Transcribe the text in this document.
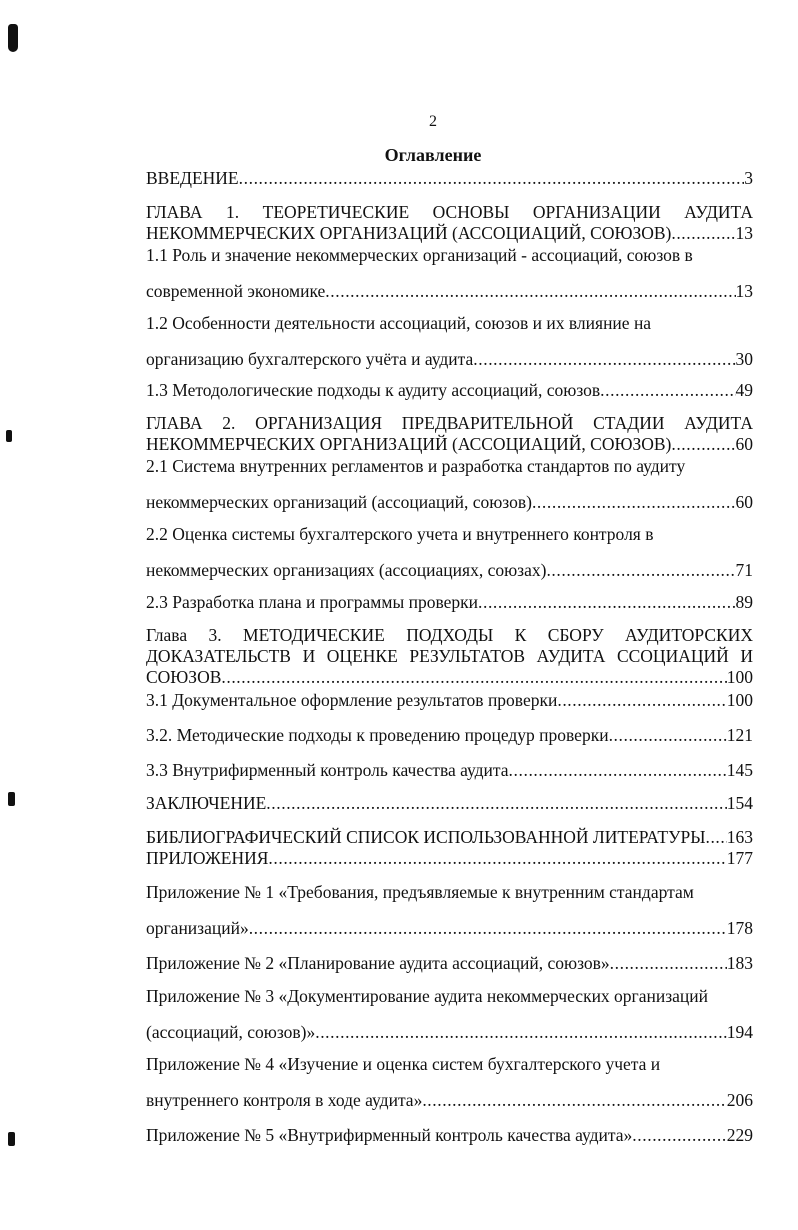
2
Оглавление
ВВЕДЕНИЕ .....	3
ГЛАВА 1. ТЕОРЕТИЧЕСКИЕ ОСНОВЫ ОРГАНИЗАЦИИ АУДИТА
НЕКОММЕРЧЕСКИХ ОРГАНИЗАЦИЙ (АССОЦИАЦИЙ, СОЮЗОВ) .....	13
1.1 Роль и значение некоммерческих организаций - ассоциаций, союзов в
современной экономике .....	13
1.2 Особенности деятельности ассоциаций, союзов и их влияние на
организацию бухгалтерского учёта и аудита .....	30
1.3 Методологические подходы к аудиту ассоциаций, союзов .....	49
ГЛАВА 2. ОРГАНИЗАЦИЯ ПРЕДВАРИТЕЛЬНОЙ СТАДИИ АУДИТА
НЕКОММЕРЧЕСКИХ ОРГАНИЗАЦИЙ (АССОЦИАЦИЙ, СОЮЗОВ) .....	60
2.1 Система внутренних регламентов и разработка стандартов по аудиту
некоммерческих организаций (ассоциаций, союзов) .....	60
2.2 Оценка системы бухгалтерского учета и внутреннего контроля в
некоммерческих организациях (ассоциациях, союзах) .....	71
2.3 Разработка плана и программы проверки .....	89
Глава 3. МЕТОДИЧЕСКИЕ ПОДХОДЫ К СБОРУ АУДИТОРСКИХ
ДОКАЗАТЕЛЬСТВ И ОЦЕНКЕ РЕЗУЛЬТАТОВ АУДИТА ССОЦИАЦИЙ И
СОЮЗОВ .....	100
3.1 Документальное оформление результатов проверки .....	100
3.2. Методические подходы к проведению процедур проверки .....	121
3.3 Внутрифирменный контроль качества аудита .....	145
ЗАКЛЮЧЕНИЕ .....	154
БИБЛИОГРАФИЧЕСКИЙ СПИСОК ИСПОЛЬЗОВАННОЙ ЛИТЕРАТУРЫ ..... 163
ПРИЛОЖЕНИЯ .....	177
Приложение № 1 «Требования, предъявляемые к внутренним стандартам
организаций» .....	178
Приложение № 2 «Планирование аудита ассоциаций, союзов» .....	183
Приложение № 3 «Документирование аудита некоммерческих организаций
(ассоциаций, союзов)» .....	194
Приложение № 4 «Изучение и оценка систем бухгалтерского учета и
внутреннего контроля в ходе аудита» .....	206
Приложение № 5 «Внутрифирменный контроль качества аудита» .....	229
